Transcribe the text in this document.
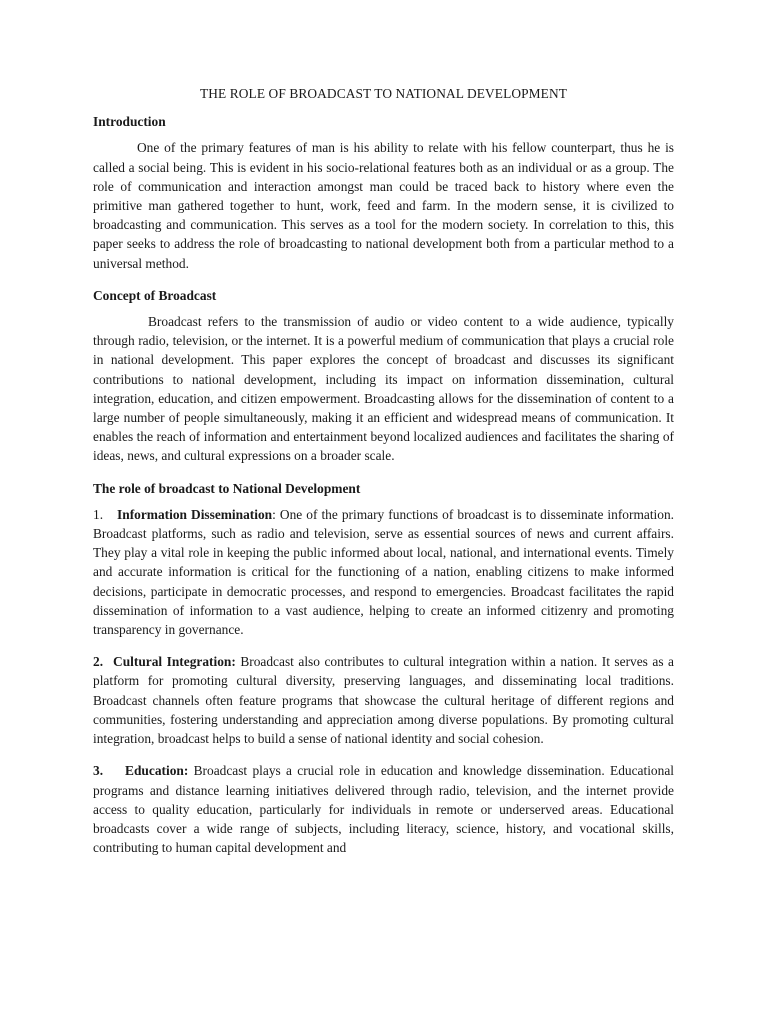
THE ROLE OF BROADCAST TO NATIONAL DEVELOPMENT
Introduction

One of the primary features of man is his ability to relate with his fellow counterpart, thus he is called a social being. This is evident in his socio-relational features both as an individual or as a group. The role of communication and interaction amongst man could be traced back to history where even the primitive man gathered together to hunt, work, feed and farm. In the modern sense, it is civilized to broadcasting and communication. This serves as a tool for the modern society. In correlation to this, this paper seeks to address the role of broadcasting to national development both from a particular method to a universal method.

Concept of Broadcast

Broadcast refers to the transmission of audio or video content to a wide audience, typically through radio, television, or the internet. It is a powerful medium of communication that plays a crucial role in national development. This paper explores the concept of broadcast and discusses its significant contributions to national development, including its impact on information dissemination, cultural integration, education, and citizen empowerment. Broadcasting allows for the dissemination of content to a large number of people simultaneously, making it an efficient and widespread means of communication. It enables the reach of information and entertainment beyond localized audiences and facilitates the sharing of ideas, news, and cultural expressions on a broader scale.

The role of broadcast to National Development

1. Information Dissemination: One of the primary functions of broadcast is to disseminate information. Broadcast platforms, such as radio and television, serve as essential sources of news and current affairs. They play a vital role in keeping the public informed about local, national, and international events. Timely and accurate information is critical for the functioning of a nation, enabling citizens to make informed decisions, participate in democratic processes, and respond to emergencies. Broadcast facilitates the rapid dissemination of information to a vast audience, helping to create an informed citizenry and promoting transparency in governance.

2. Cultural Integration: Broadcast also contributes to cultural integration within a nation. It serves as a platform for promoting cultural diversity, preserving languages, and disseminating local traditions. Broadcast channels often feature programs that showcase the cultural heritage of different regions and communities, fostering understanding and appreciation among diverse populations. By promoting cultural integration, broadcast helps to build a sense of national identity and social cohesion.

3. Education: Broadcast plays a crucial role in education and knowledge dissemination. Educational programs and distance learning initiatives delivered through radio, television, and the internet provide access to quality education, particularly for individuals in remote or underserved areas. Educational broadcasts cover a wide range of subjects, including literacy, science, history, and vocational skills, contributing to human capital development and
